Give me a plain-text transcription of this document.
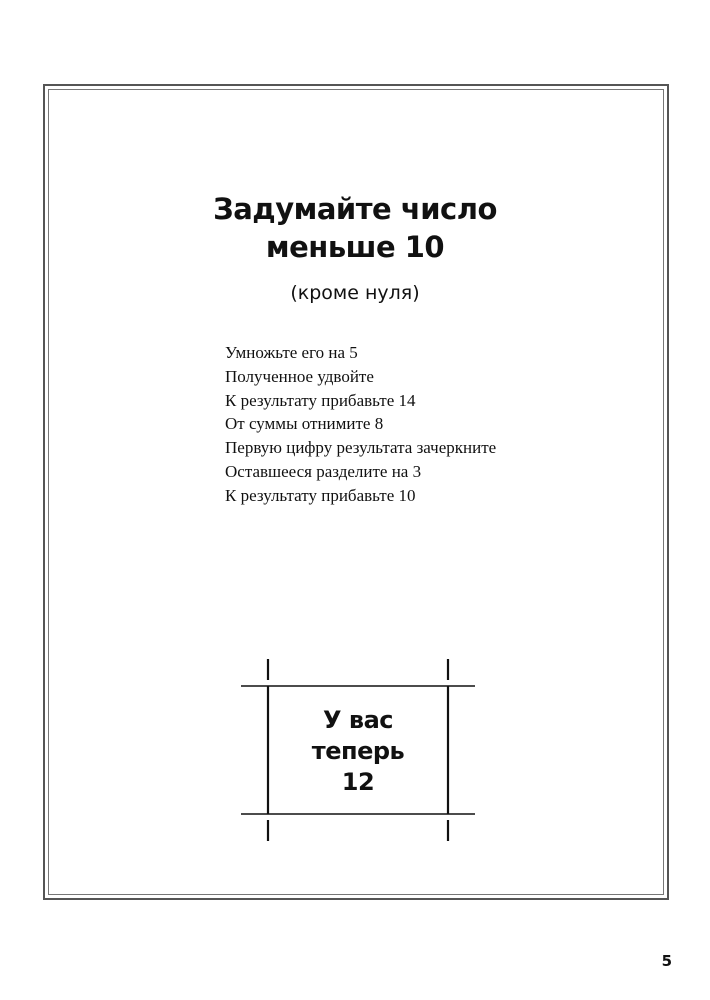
Задумайте число
меньше 10
(кроме нуля)
Умножьте его на 5
Полученное удвойте
К результату прибавьте 14
От суммы отнимите 8
Первую цифру результата зачеркните
Оставшееся разделите на 3
К результату прибавьте 10
У вас
теперь
12
5
